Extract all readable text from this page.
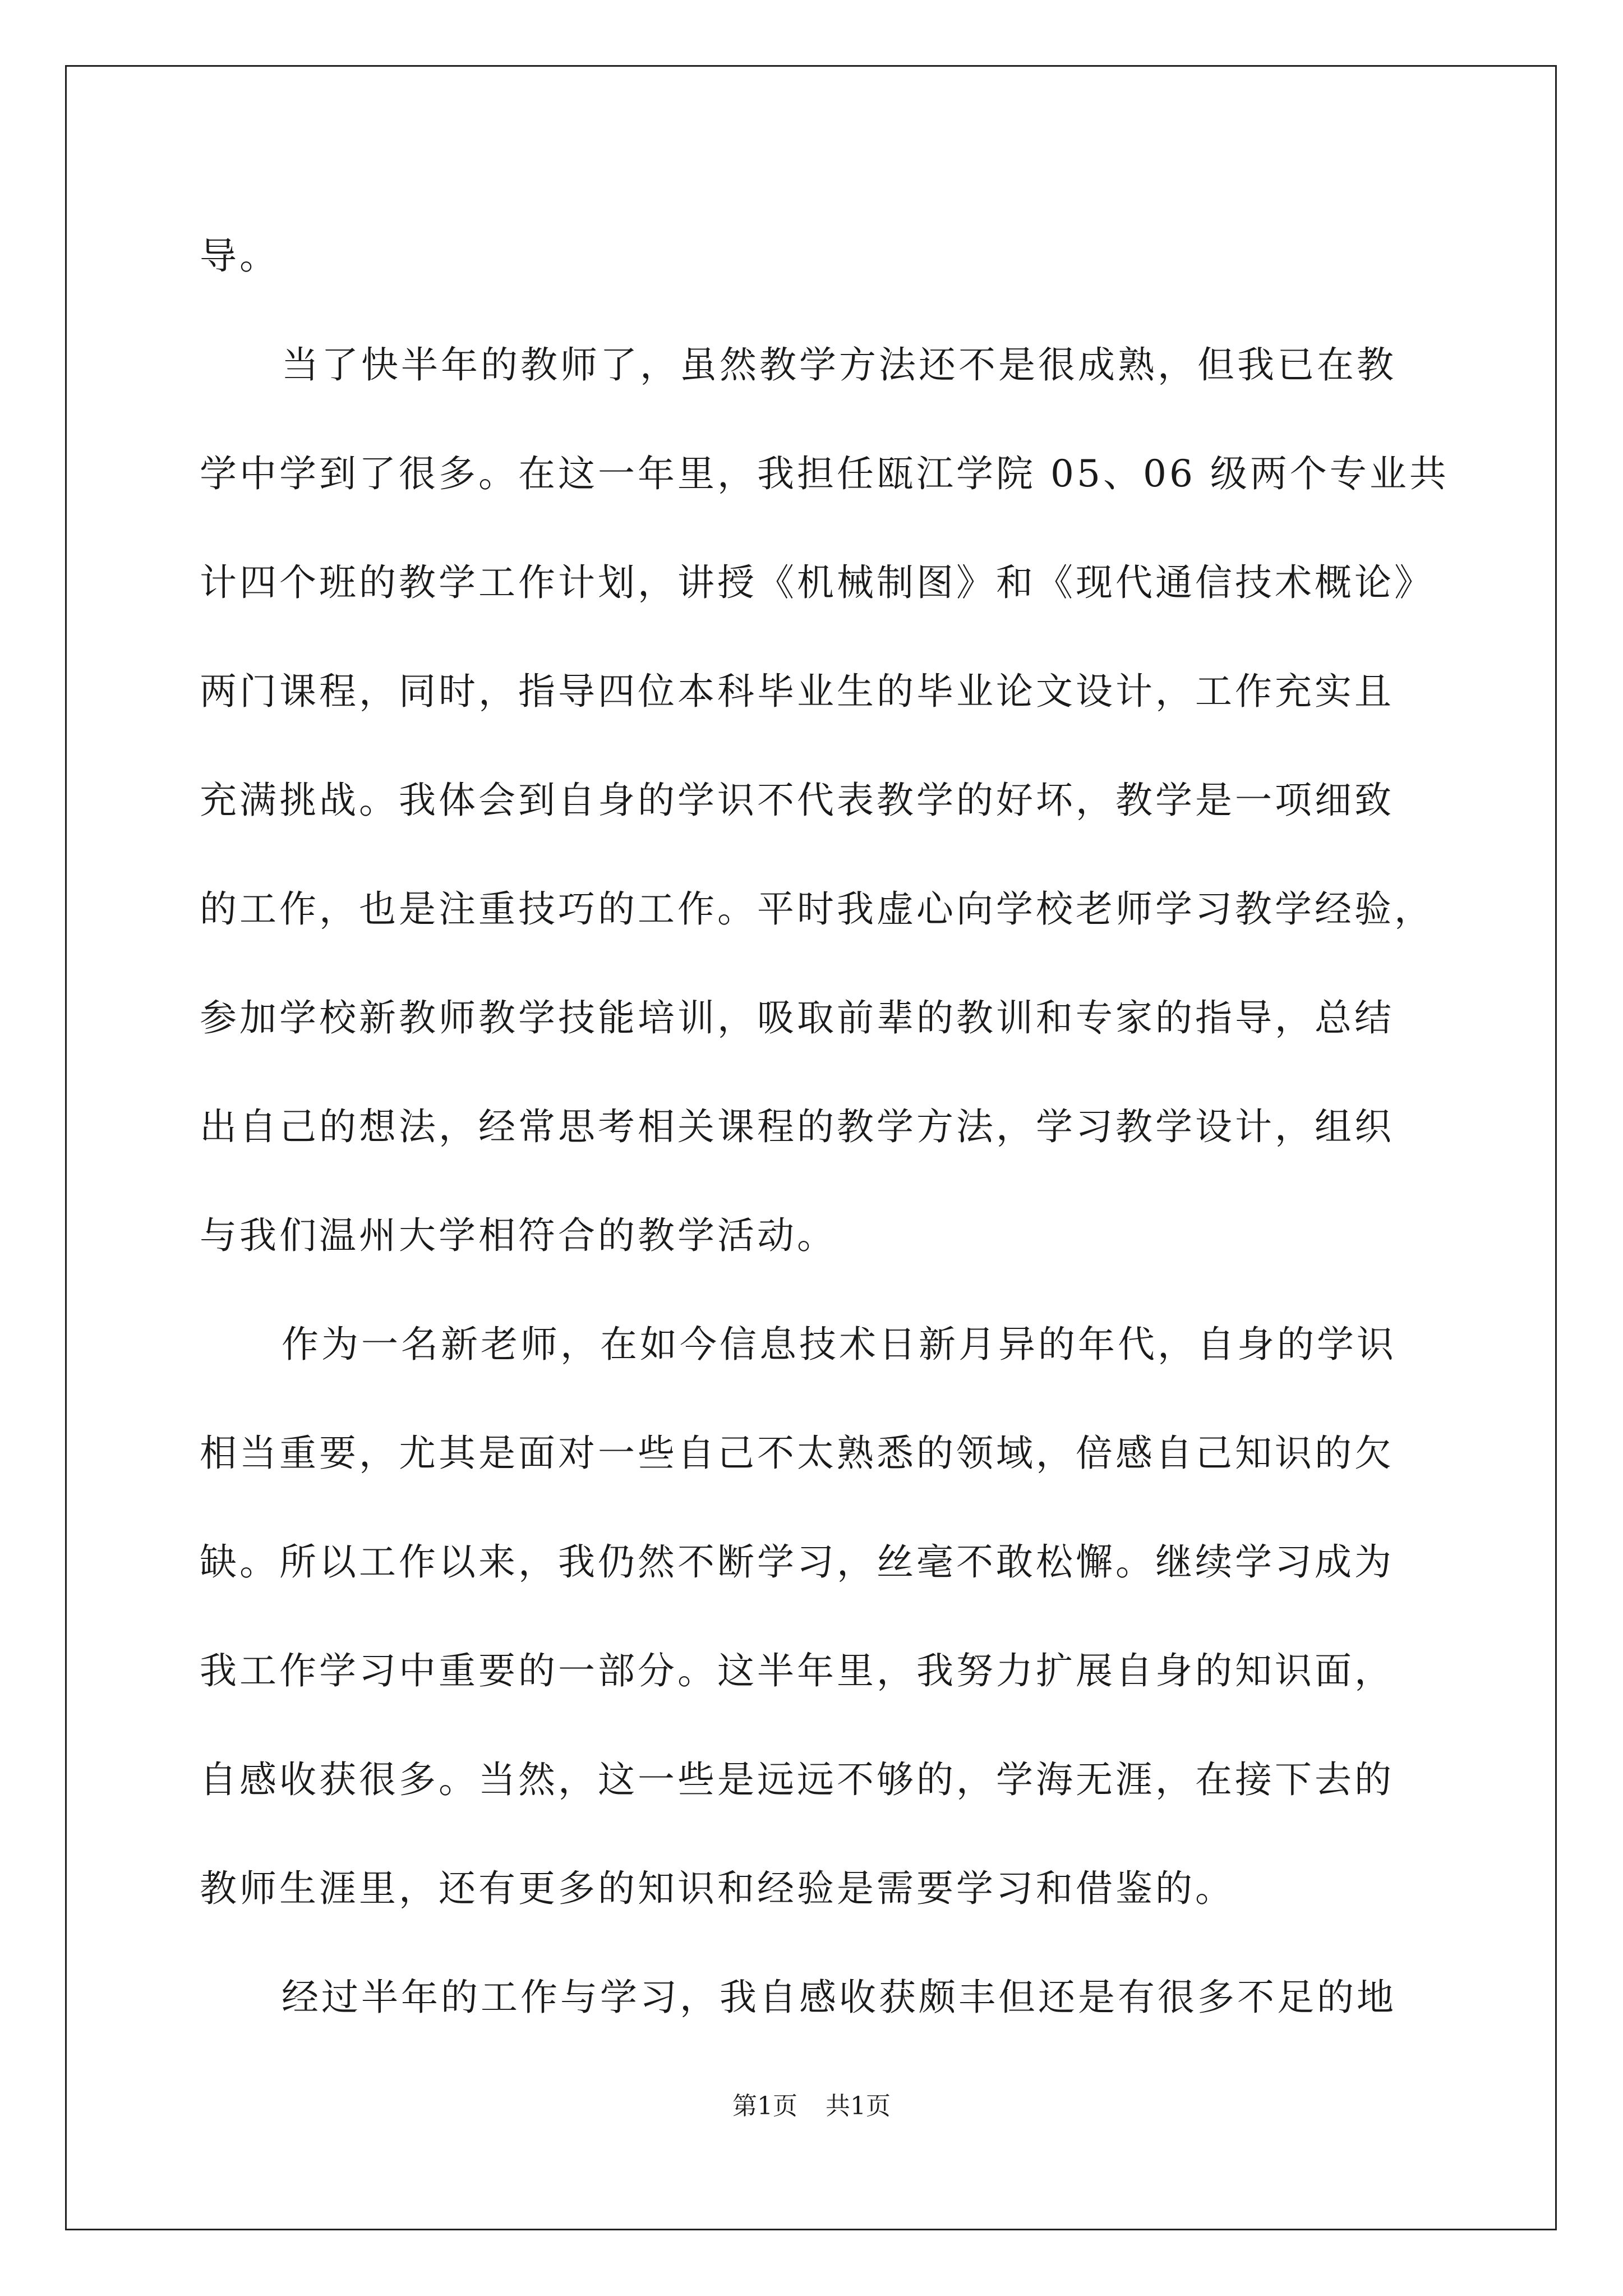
导。
当了快半年的教师了，虽然教学方法还不是很成熟，但我已在教
学中学到了很多。在这一年里，我担任瓯江学院 05、06 级两个专业共
计四个班的教学工作计划，讲授《机械制图》和《现代通信技术概论》
两门课程，同时，指导四位本科毕业生的毕业论文设计，工作充实且
充满挑战。我体会到自身的学识不代表教学的好坏，教学是一项细致
的工作，也是注重技巧的工作。平时我虚心向学校老师学习教学经验，
参加学校新教师教学技能培训，吸取前辈的教训和专家的指导，总结
出自己的想法，经常思考相关课程的教学方法，学习教学设计，组织
与我们温州大学相符合的教学活动。
作为一名新老师，在如今信息技术日新月异的年代，自身的学识
相当重要，尤其是面对一些自己不太熟悉的领域，倍感自己知识的欠
缺。所以工作以来，我仍然不断学习，丝毫不敢松懈。继续学习成为
我工作学习中重要的一部分。这半年里，我努力扩展自身的知识面，
自感收获很多。当然，这一些是远远不够的，学海无涯，在接下去的
教师生涯里，还有更多的知识和经验是需要学习和借鉴的。
经过半年的工作与学习，我自感收获颇丰但还是有很多不足的地
第1页 共1页
